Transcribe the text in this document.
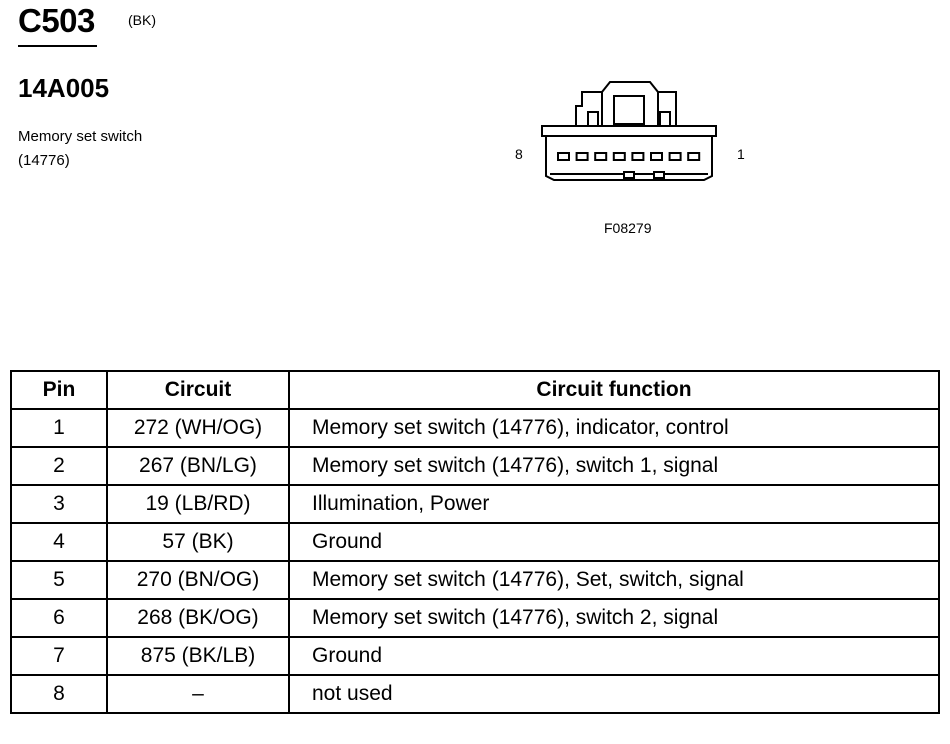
C503 (BK)
14A005
Memory set switch
(14776)	8	1
F08279
Pin	Circuit	Circuit function
1	272 (WH/OG)	Memory set switch (14776), indicator, control
2	267 (BN/LG)	Memory set switch (14776), switch 1, signal
3	19 (LB/RD)	Illumination, Power
4	57 (BK)	Ground
5	270 (BN/OG)	Memory set switch (14776), Set, switch, signal
6	268 (BK/OG)	Memory set switch (14776), switch 2, signal
7	875 (BK/LB)	Ground
8	–	not used
